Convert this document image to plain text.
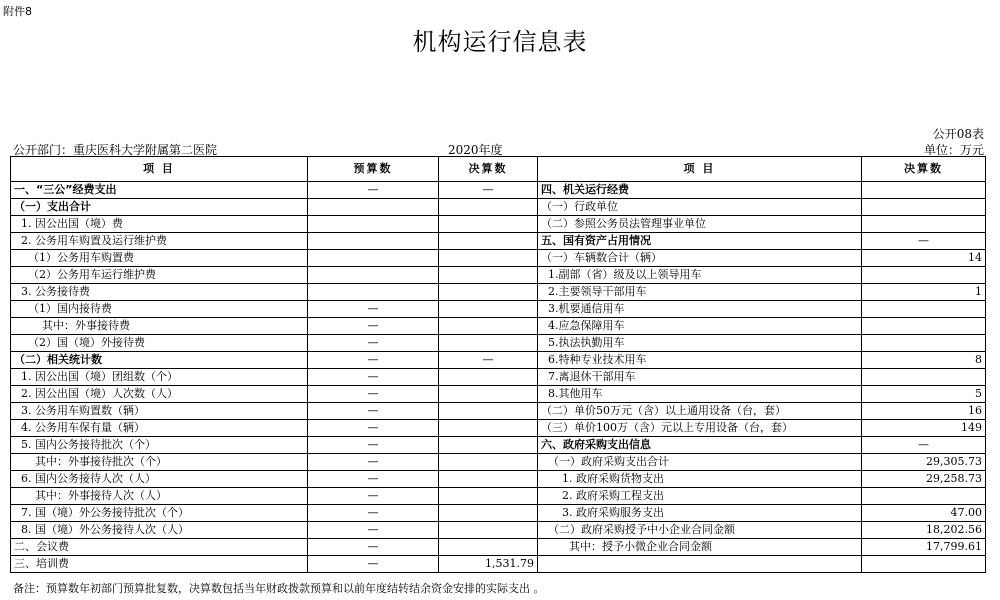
附件8
机构运行信息表
公开08表
公开部门：重庆医科大学附属第二医院	2020年度	单位：万元
项 目	预算数	决算数	项 目	决算数
一、“三公”经费支出	—	—	四、机关运行经费	
（一）支出合计			（一）行政单位	
1. 因公出国（境）费			（二）参照公务员法管理事业单位	
2. 公务用车购置及运行维护费			五、国有资产占用情况	—
（1）公务用车购置费			（一）车辆数合计（辆）	14
（2）公务用车运行维护费			1.副部（省）级及以上领导用车	
3. 公务接待费			2.主要领导干部用车	1
（1）国内接待费	—		3.机要通信用车	
其中：外事接待费	—		4.应急保障用车	
（2）国（境）外接待费	—		5.执法执勤用车	
（二）相关统计数	—	—	6.特种专业技术用车	8
1. 因公出国（境）团组数（个）	—		7.离退休干部用车	
2. 因公出国（境）人次数（人）	—		8.其他用车	5
3. 公务用车购置数（辆）	—		（二）单价50万元（含）以上通用设备（台，套）	16
4. 公务用车保有量（辆）	—		（三）单价100万（含）元以上专用设备（台，套）	149
5. 国内公务接待批次（个）	—		六、政府采购支出信息	—
其中：外事接待批次（个）	—		（一）政府采购支出合计	29,305.73
6. 国内公务接待人次（人）	—		1. 政府采购货物支出	29,258.73
其中：外事接待人次（人）	—		2. 政府采购工程支出	
7. 国（境）外公务接待批次（个）	—		3. 政府采购服务支出	47.00
8. 国（境）外公务接待人次（人）	—		（二）政府采购授予中小企业合同金额	18,202.56
二、会议费	—		其中：授予小微企业合同金额	17,799.61
三、培训费	—	1,531.79		
备注：预算数年初部门预算批复数，决算数包括当年财政拨款预算和以前年度结转结余资金安排的实际支出 。
